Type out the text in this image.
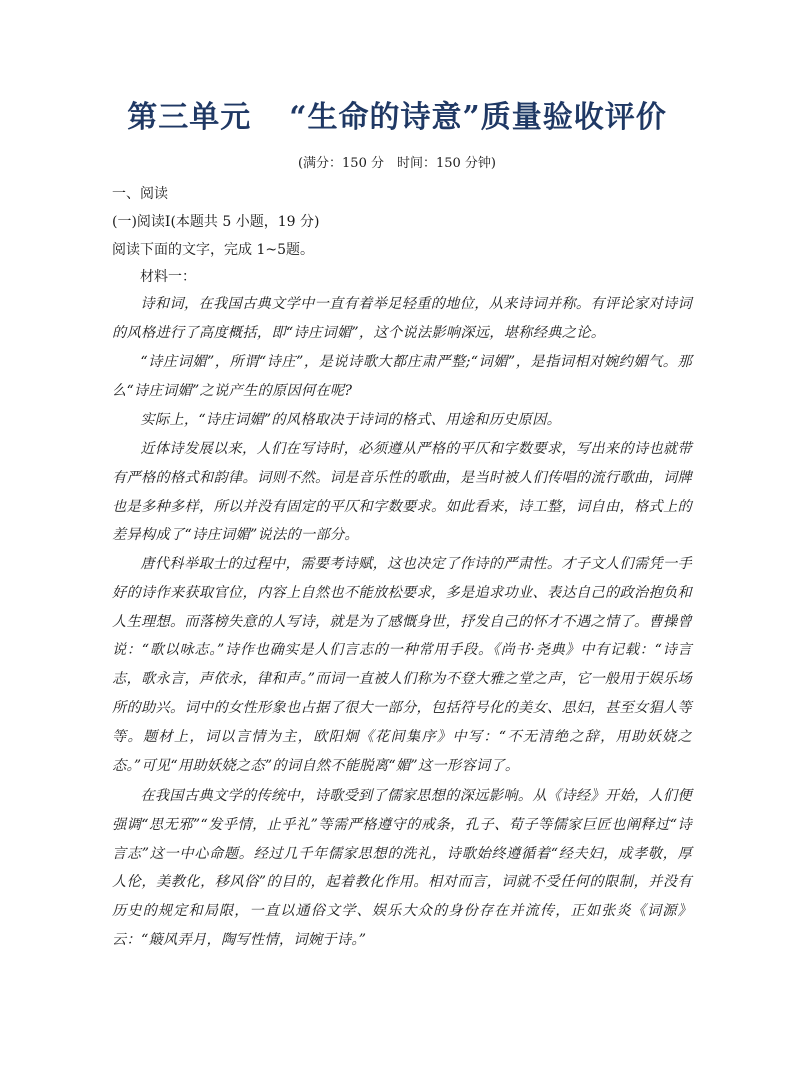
第三单元 “生命的诗意”质量验收评价
(满分：150 分　时间：150 分钟)
一、阅读
(一)阅读Ⅰ(本题共 5 小题，19 分)
阅读下面的文字，完成 1~5题。
材料一：
诗和词，在我国古典文学中一直有着举足轻重的地位，从来诗词并称。有评论家对诗词的风格进行了高度概括，即“诗庄词媚”，这个说法影响深远，堪称经典之论。
“诗庄词媚”，所谓“诗庄”，是说诗歌大都庄肃严整;“词媚”，是指词相对婉约媚气。那么“诗庄词媚”之说产生的原因何在呢?
实际上，“诗庄词媚”的风格取决于诗词的格式、用途和历史原因。
近体诗发展以来，人们在写诗时，必须遵从严格的平仄和字数要求，写出来的诗也就带有严格的格式和韵律。词则不然。词是音乐性的歌曲，是当时被人们传唱的流行歌曲，词牌也是多种多样，所以并没有固定的平仄和字数要求。如此看来，诗工整，词自由，格式上的差异构成了“诗庄词媚”说法的一部分。
唐代科举取士的过程中，需要考诗赋，这也决定了作诗的严肃性。才子文人们需凭一手好的诗作来获取官位，内容上自然也不能放松要求，多是追求功业、表达自己的政治抱负和人生理想。而落榜失意的人写诗，就是为了感慨身世，抒发自己的怀才不遇之情了。曹操曾说：“歌以咏志。”诗作也确实是人们言志的一种常用手段。《尚书·尧典》中有记载：“诗言志，歌永言，声依永，律和声。”而词一直被人们称为不登大雅之堂之声，它一般用于娱乐场所的助兴。词中的女性形象也占据了很大一部分，包括符号化的美女、思妇，甚至女猖人等等。题材上，词以言情为主，欧阳炯《花间集序》中写：“不无清绝之辞，用助妖娆之态。”可见“用助妖娆之态”的词自然不能脱离“媚”这一形容词了。
在我国古典文学的传统中，诗歌受到了儒家思想的深远影响。从《诗经》开始，人们便强调“思无邪”“发乎情，止乎礼”等需严格遵守的戒条，孔子、荀子等儒家巨匠也阐释过“诗言志”这一中心命题。经过几千年儒家思想的洗礼，诗歌始终遵循着“经夫妇，成孝敬，厚人伦，美教化，移风俗”的目的，起着教化作用。相对而言，词就不受任何的限制，并没有历史的规定和局限，一直以通俗文学、娱乐大众的身份存在并流传，正如张炎《词源》云：“簸风弄月，陶写性情，词婉于诗。”
